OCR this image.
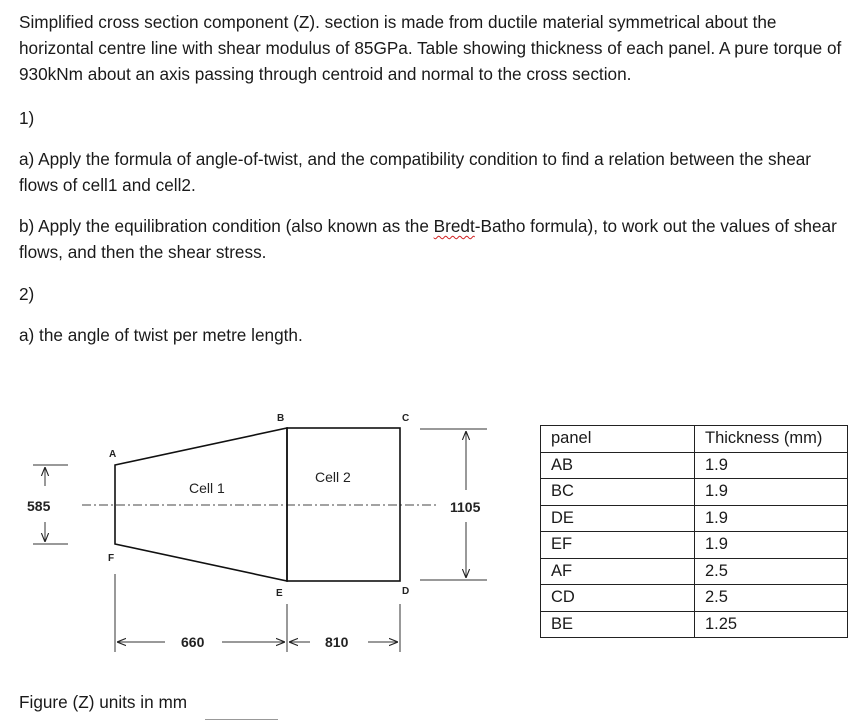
Simplified cross section component (Z). section is made from ductile material symmetrical about the horizontal centre line with shear modulus of 85GPa. Table showing thickness of each panel. A pure torque of 930kNm about an axis passing through centroid and normal to the cross section.

1)

a) Apply the formula of angle-of-twist, and the compatibility condition to find a relation between the shear flows of cell1 and cell2.

b) Apply the equilibration condition (also known as the Bredt-Batho formula), to work out the values of shear flows, and then the shear stress.

2)

a) the angle of twist per metre length.

A
B	C
D
E
F
Cell 1
Cell 2
585	1105
660	810
panel	Thickness (mm)
AB	1.9
BC	1.9
DE	1.9
EF	1.9
AF	2.5
CD	2.5
BE	1.25
Figure (Z) units in mm
